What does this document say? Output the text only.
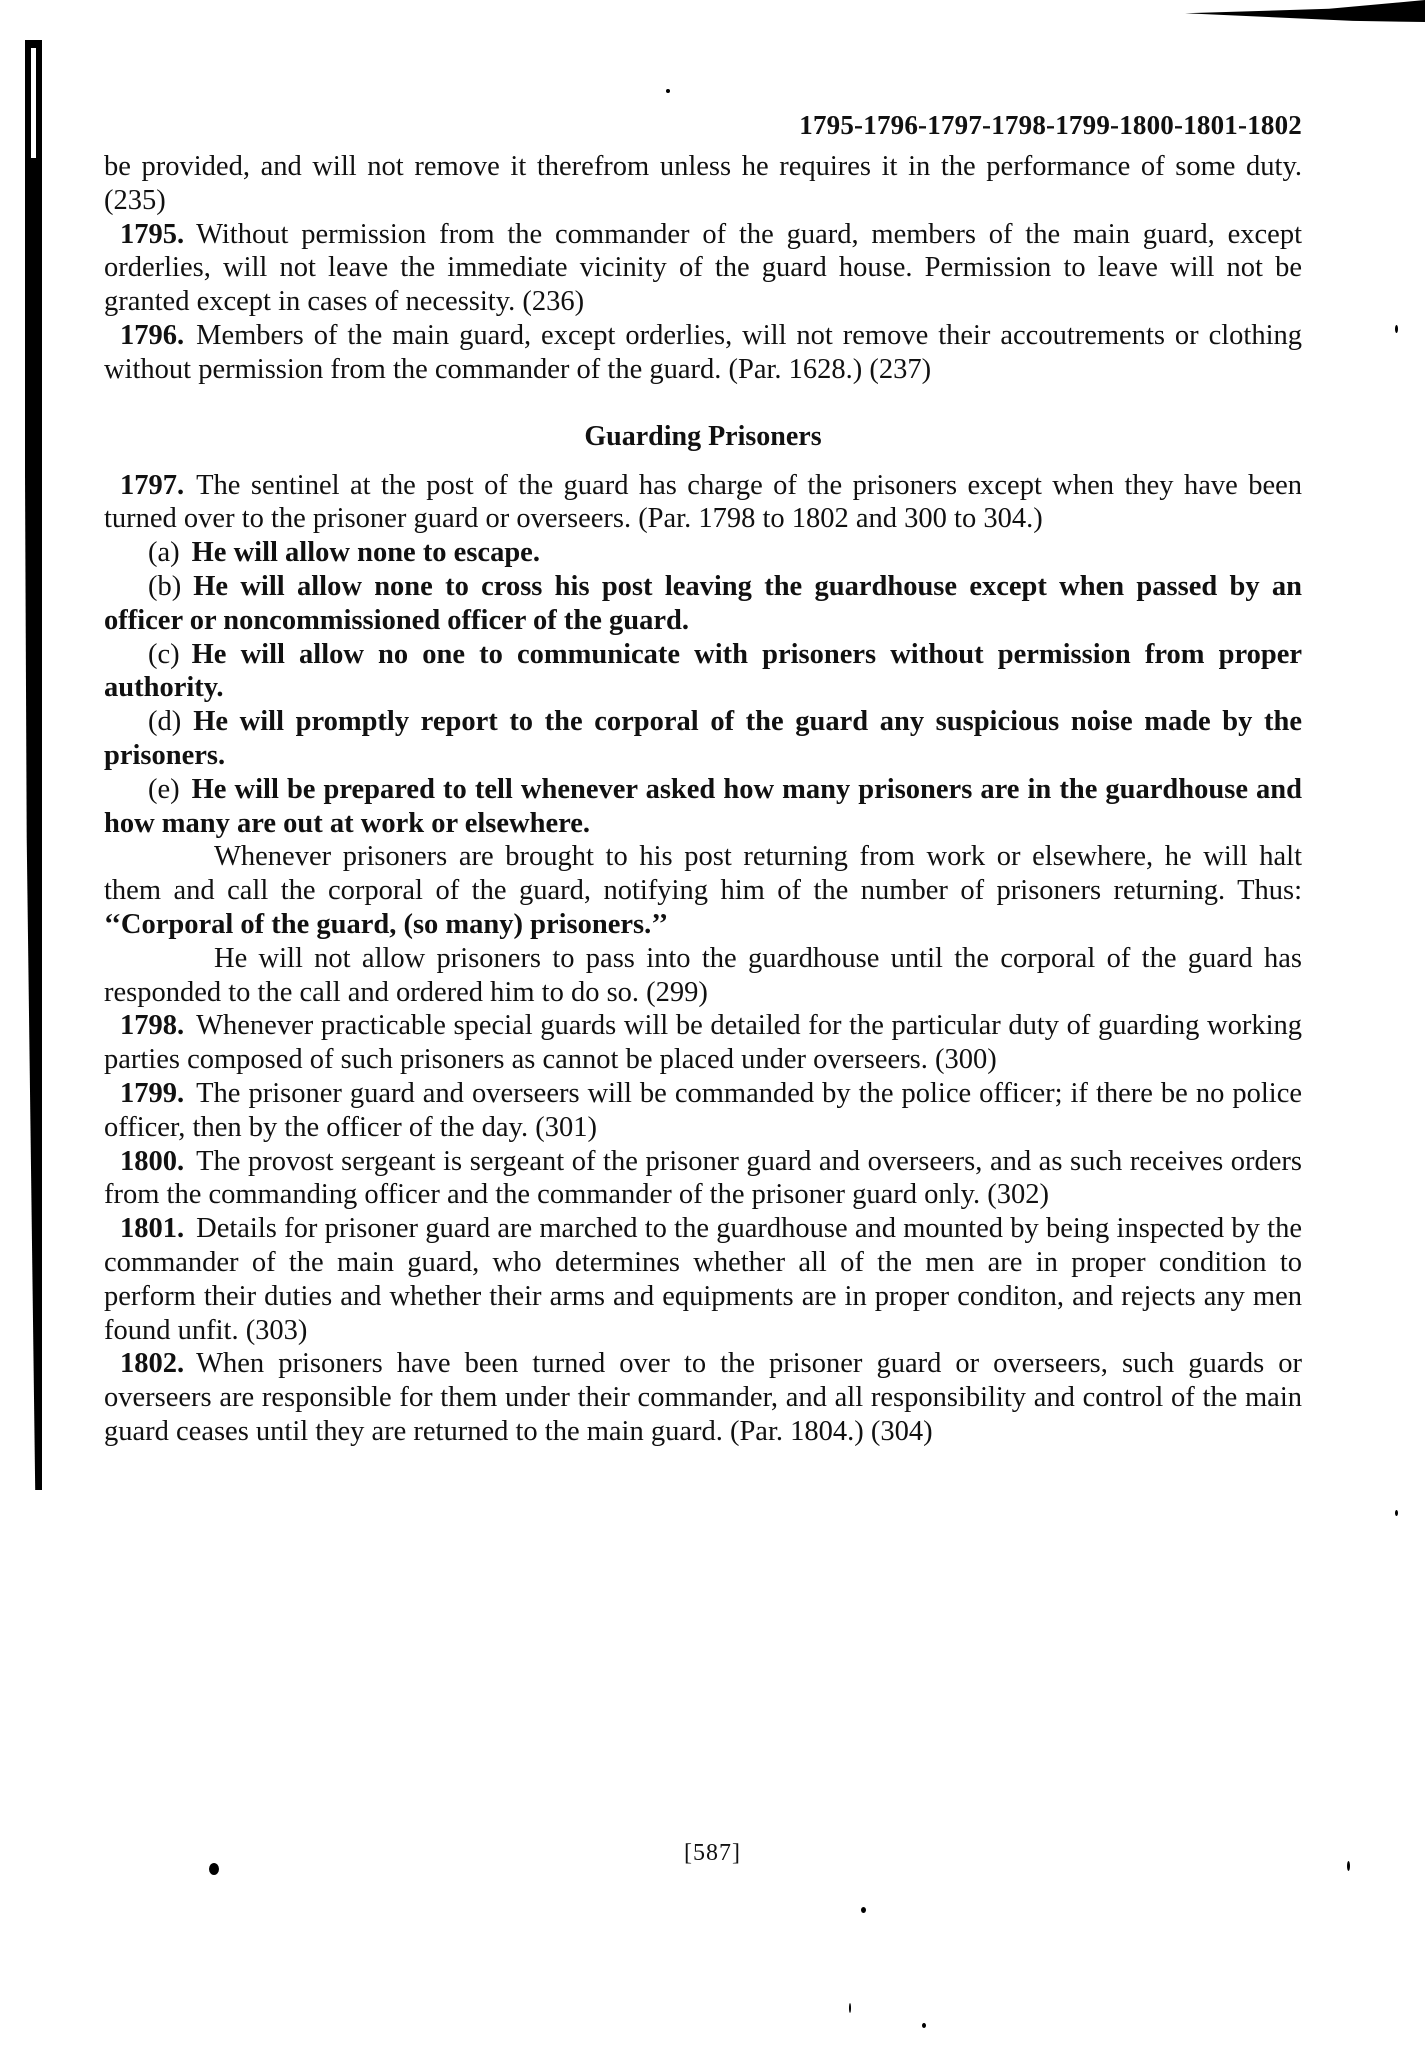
1795-1796-1797-1798-1799-1800-1801-1802

be provided, and will not remove it therefrom unless he requires it in the performance of some duty. (235)

1795. Without permission from the commander of the guard, members of the main guard, except orderlies, will not leave the immediate vicinity of the guard house. Permission to leave will not be granted except in cases of necessity. (236)

1796. Members of the main guard, except orderlies, will not remove their accoutrements or clothing without permission from the commander of the guard. (Par. 1628.) (237)

Guarding Prisoners

1797. The sentinel at the post of the guard has charge of the prisoners except when they have been turned over to the prisoner guard or overseers. (Par. 1798 to 1802 and 300 to 304.)

(a) He will allow none to escape.

(b) He will allow none to cross his post leaving the guardhouse except when passed by an officer or noncommissioned officer of the guard.

(c) He will allow no one to communicate with prisoners without permission from proper authority.

(d) He will promptly report to the corporal of the guard any suspicious noise made by the prisoners.

(e) He will be prepared to tell whenever asked how many prisoners are in the guardhouse and how many are out at work or elsewhere.

Whenever prisoners are brought to his post returning from work or elsewhere, he will halt them and call the corporal of the guard, notifying him of the number of prisoners returning. Thus: ‘‘Corporal of the guard, (so many) prisoners.’’

He will not allow prisoners to pass into the guardhouse until the corporal of the guard has responded to the call and ordered him to do so. (299)

1798. Whenever practicable special guards will be detailed for the particular duty of guarding working parties composed of such prisoners as cannot be placed under overseers. (300)

1799. The prisoner guard and overseers will be commanded by the police officer; if there be no police officer, then by the officer of the day. (301)

1800. The provost sergeant is sergeant of the prisoner guard and overseers, and as such receives orders from the commanding officer and the commander of the prisoner guard only. (302)

1801. Details for prisoner guard are marched to the guardhouse and mounted by being inspected by the commander of the main guard, who determines whether all of the men are in proper condition to perform their duties and whether their arms and equipments are in proper conditon, and rejects any men found unfit. (303)

1802. When prisoners have been turned over to the prisoner guard or overseers, such guards or overseers are responsible for them under their commander, and all responsibility and control of the main guard ceases until they are returned to the main guard. (Par. 1804.) (304)

[587]
